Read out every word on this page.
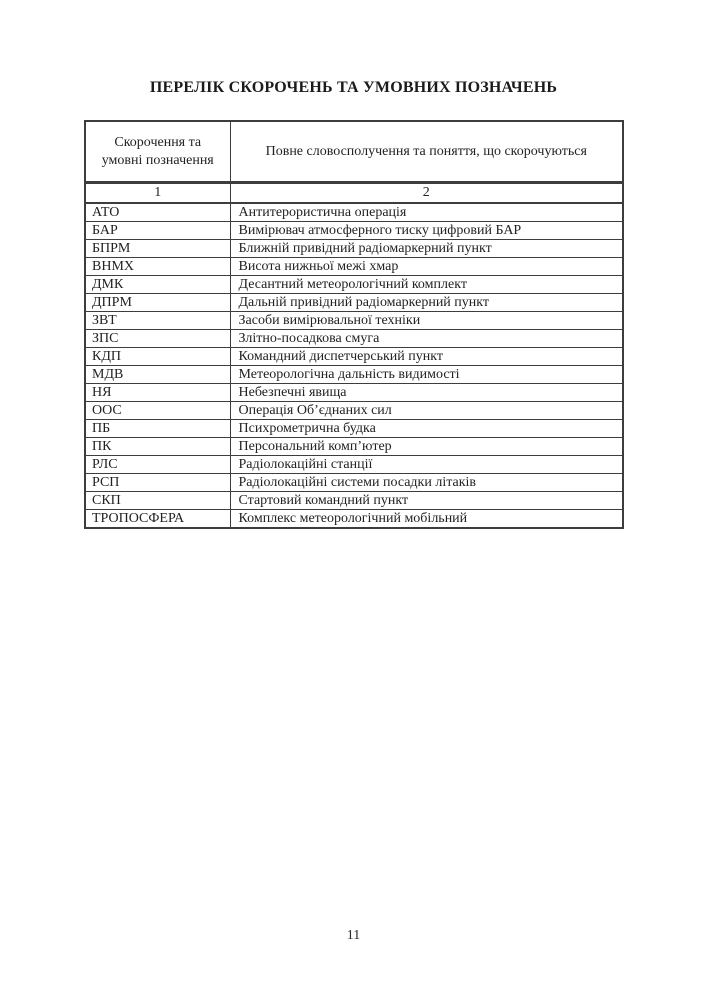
ПЕРЕЛІК СКОРОЧЕНЬ ТА УМОВНИХ ПОЗНАЧЕНЬ
Скорочення та умовні позначення	Повне словосполучення та поняття, що скорочуються
1	2
АТО	Антитерористична операція
БАР	Вимірювач атмосферного тиску цифровий БАР
БПРМ	Ближній привідний радіомаркерний пункт
ВНМХ	Висота нижньої межі хмар
ДМК	Десантний метеорологічний комплект
ДПРМ	Дальній привідний радіомаркерний пункт
ЗВТ	Засоби вимірювальної техніки
ЗПС	Злітно-посадкова смуга
КДП	Командний диспетчерський пункт
МДВ	Метеорологічна дальність видимості
НЯ	Небезпечні явища
ООС	Операція Об’єднаних сил
ПБ	Психрометрична будка
ПК	Персональний комп’ютер
РЛС	Радіолокаційні станції
РСП	Радіолокаційні системи посадки літаків
СКП	Стартовий командний пункт
ТРОПОСФЕРА	Комплекс метеорологічний мобільний
11
